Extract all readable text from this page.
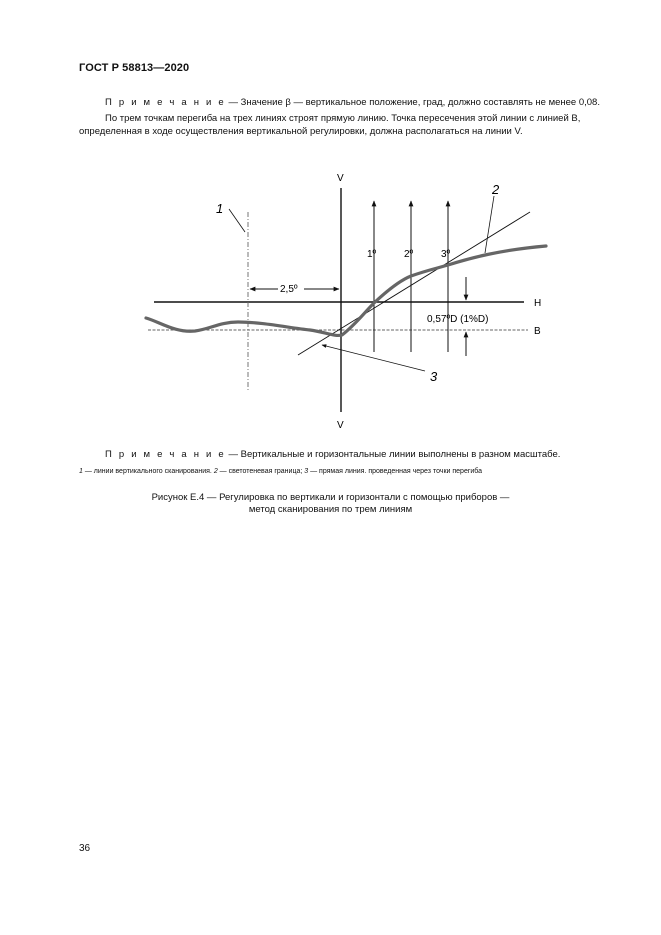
ГОСТ Р 58813—2020
П р и м е ч а н и е — Значение β — вертикальное положение, град, должно составлять не менее 0,08.
По трем точкам перегиба на трех линиях строят прямую линию. Точка пересечения этой линии с линией В,
определенная в ходе осуществления вертикальной регулировки, должна располагаться на линии V.
V
V
H
B
1
2
3
1º	2º	3º
2,5º
0,57ºD (1%D)
П р и м е ч а н и е — Вертикальные и горизонтальные линии выполнены в разном масштабе.
1 — линии вертикального сканирования. 2 — светотеневая граница; 3 — прямая линия. проведенная через точки перегиба
Рисунок Е.4 — Регулировка по вертикали и горизонтали с помощью приборов —
метод сканирования по трем линиям
36
